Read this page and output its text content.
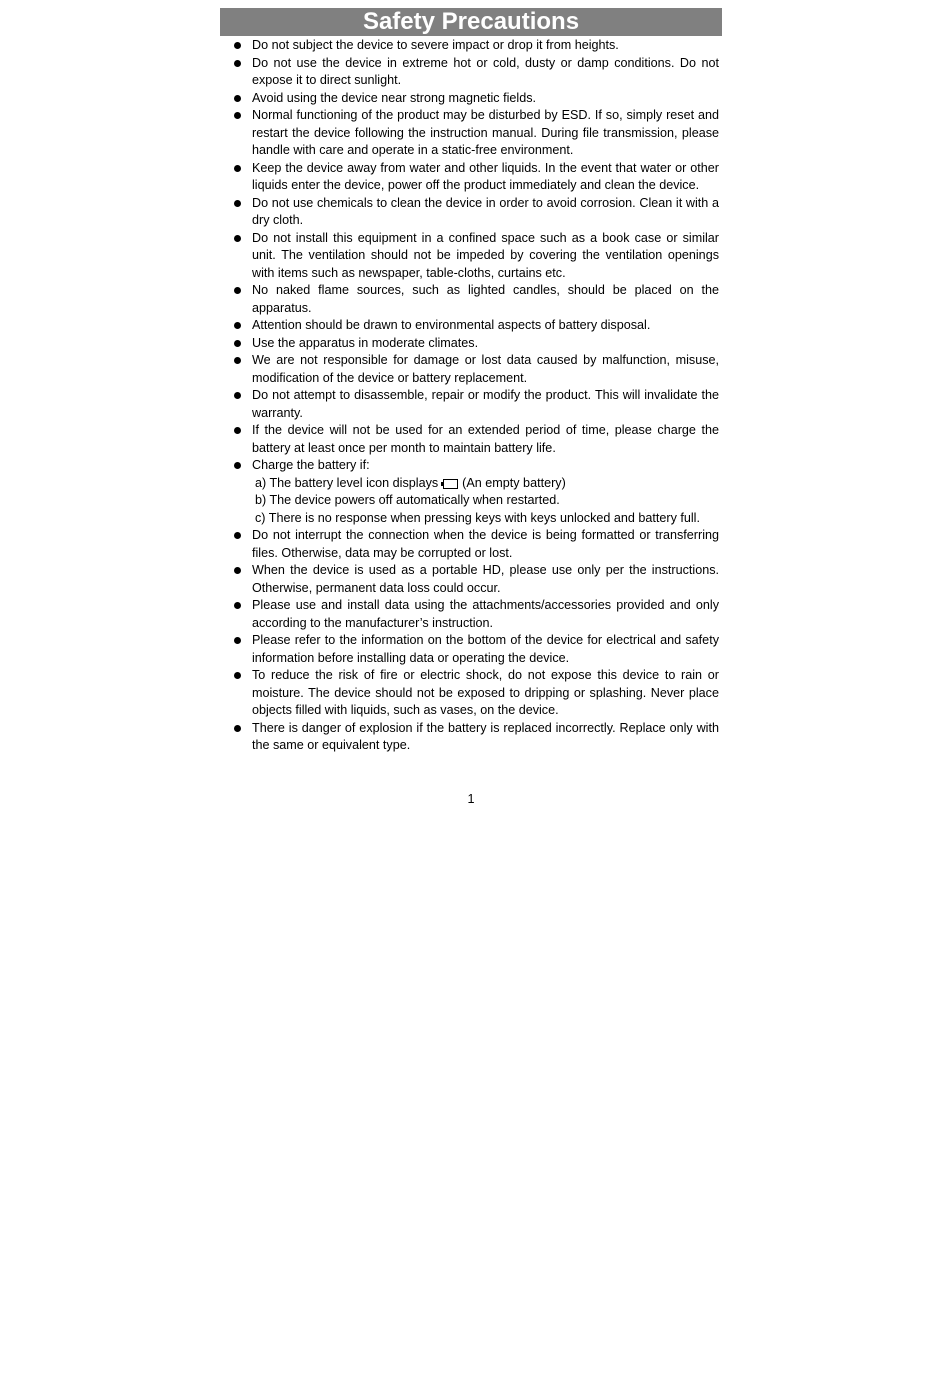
Safety Precautions
Do not subject the device to severe impact or drop it from heights.
Do not use the device in extreme hot or cold, dusty or damp conditions. Do not expose it to direct sunlight.
Avoid using the device near strong magnetic fields.
Normal functioning of the product may be disturbed by ESD. If so, simply reset and restart the device following the instruction manual. During file transmission, please handle with care and operate in a static-free environment.
Keep the device away from water and other liquids. In the event that water or other liquids enter the device, power off the product immediately and clean the device.
Do not use chemicals to clean the device in order to avoid corrosion. Clean it with a dry cloth.
Do not install this equipment in a confined space such as a book case or similar unit. The ventilation should not be impeded by covering the ventilation openings with items such as newspaper, table-cloths, curtains etc.
No naked flame sources, such as lighted candles, should be placed on the apparatus.
Attention should be drawn to environmental aspects of battery disposal.
Use the apparatus in moderate climates.
We are not responsible for damage or lost data caused by malfunction, misuse, modification of the device or battery replacement.
Do not attempt to disassemble, repair or modify the product. This will invalidate the warranty.
If the device will not be used for an extended period of time, please charge the battery at least once per month to maintain battery life.
Charge the battery if:
a) The battery level icon displays (An empty battery)
b) The device powers off automatically when restarted.
c) There is no response when pressing keys with keys unlocked and battery full.
Do not interrupt the connection when the device is being formatted or transferring files. Otherwise, data may be corrupted or lost.
When the device is used as a portable HD, please use only per the instructions. Otherwise, permanent data loss could occur.
Please use and install data using the attachments/accessories provided and only according to the manufacturer’s instruction.
Please refer to the information on the bottom of the device for electrical and safety information before installing data or operating the device.
To reduce the risk of fire or electric shock, do not expose this device to rain or moisture. The device should not be exposed to dripping or splashing. Never place objects filled with liquids, such as vases, on the device.
There is danger of explosion if the battery is replaced incorrectly. Replace only with the same or equivalent type.
1
